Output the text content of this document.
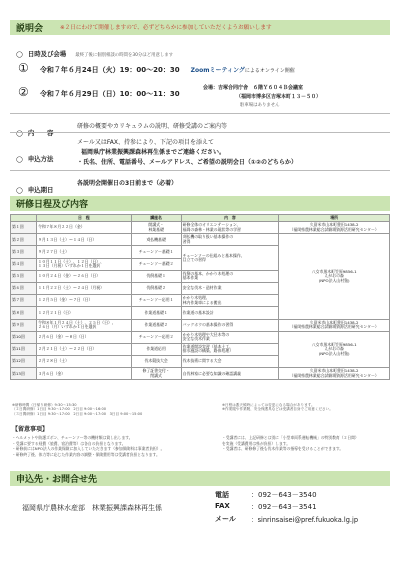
説明会	※２日にわけて開催しますので、必ずどちらかに参加していただくようお願いします
◯ 日時及び会場 最終了後に個別相談の時間を30分ほど用意します
① 令和７年６月24日（火）19：00～20：30 Zoomミーティングによるオンライン開催
② 令和７年６月29日（日）10：00～11：30
会場：吉塚合同庁舎　６階Ｙ６０４Ｂ会議室
（福岡市博多区吉塚本町１３－５０）
駐車場はありません
◯ 内　　容
研修の概要やカリキュラムの説明、研修受講のご案内等
◯ 申込方法
メール又はFAX、持参により、下記の項目を添えて
福岡県庁林業振興課森林再生係までご連絡ください。
・氏名、住所、電話番号、メールアドレス、ご希望の説明会日（①②のどちらか）
◯ 申込期日
各説明会開催日の3日前まで（必着）
研修日程及び内容
	日　程	講座名	内　容	場所
第１回	令和７年８月２２日（金）	開講式・
林業基礎	研修全体のオリエンテーション、
福岡の森林・林業の現状等の学習	久留米市山本町豊田1438-2
（福岡県農林業総合試験場資源活用研究センター）
第２回	９月１３日（土）～１４日（日）	刈払機基礎	刈払機の取り扱い基本操作の
習得	八女市黒木町笠原9856-1
えがおの森
(NPO法人山村塾)
第３回	９月２７日（土）	チェーンソー基礎１	チェーンソーの仕組みと基本操作、
目立ての習得	
第４回	１０月１１日（土）、１２日（日）、
１３日（月祝）いずれか１日を選択	チェーンソー基礎２		
第５回	１０月２４日（金）～２６日（日）	伐倒基礎１	伐倒の基本、かかり木処理の
基本作業	
第６回	１１月２２日（土）～２４日（月祝）	伐倒基礎２	安全な伐木・造材作業	
第７回	１２月５日（金）～７日（日）	チェーンソー応用１	かかり木処理、
林内作業車による搬出	
第８回	１２月２１日（日）	作業道基礎１	作業道の基本設計	
第９回	令和８年１月２４日（土）、２５日（日）、
２６日（月）いずれか１日を選択	作業道基礎２	バックホウの基本操作の習得	久留米市山本町豊田1438-2
（福岡県農林業総合試験場資源活用研究センター）
第10回	２月６日（金）～８日（日）	チェーンソー応用２	かかり木処理や大径木等の
安全な伐木作業	八女市黒木町笠原9856-1
えがおの森
(NPO法人山村塾)
第11回	２月２１日（土）～２２日（日）	作業道応用	作業道開設実習（基本土工、
排水施設の構築、路体処理）	
第12回	２月２８日（土）	伐木競技大会	伐木技術に関する大会	
第13回	３月６日（金）	修了証書交付・
閉講式	自伐林家に必要な知識の確認講義	久留米市山本町豊田1438-2
（福岡県農林業総合試験場資源活用研究センター）
※研修時間（日帰り研修）9:30～15:30
（２日間研修）1日目 9:30～17:00　2日目 9:00～16:00
（３日間研修）1日目 9:30～17:00　2日目 9:00～17:00　3日目 9:00～15:00
※日程は悪天候時によっては変更になる場合があります。
※作業服や作業靴、安全保護具などは受講者自身でご用意ください。
【留意事項】
・ヘルメットや防護ズボン、チェーンソー等の機材類は貸し出します。
・受講に要する経費（旅費、宿泊費等）は各自の負担となります。
・研修前にはNPO法人の作業保険に加入していただきます（参加保険料は事業者負担）。
・研修終了後、体力等に応じた作業内容の調整・保険費用等は受講者負担となります。
・受講者には、上記研修とは別に「小型車両系運転機械」の特別教育（２日間）
を実施（受講費用は県が負担）します。
・受講者は、研修修了後も伐木作業等の指導を受けることができます。
申込先・お問合せ先
福岡県庁農林水産部　林業振興課森林再生係
電話	：092－643－3540
FAX	：092－643－3541
メール ：sinrinsaisei@pref.fukuoka.lg.jp
